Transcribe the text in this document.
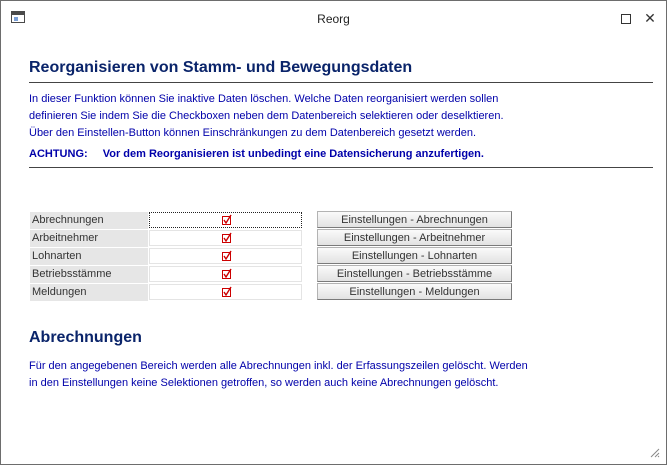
Reorg	✕
Reorganisieren von Stamm- und Bewegungsdaten
In dieser Funktion können Sie inaktive Daten löschen. Welche Daten reorganisiert werden sollen
definieren Sie indem Sie die Checkboxen neben dem Datenbereich selektieren oder deselktieren.
Über den Einstellen-Button können Einschränkungen zu dem Datenbereich gesetzt werden.
ACHTUNG: Vor dem Reorganisieren ist unbedingt eine Datensicherung anzufertigen.
Abrechnungen	Einstellungen - Abrechnungen
Arbeitnehmer	Einstellungen - Arbeitnehmer
Lohnarten	Einstellungen - Lohnarten
Betriebsstämme	Einstellungen - Betriebsstämme
Meldungen	Einstellungen - Meldungen
Abrechnungen
Für den angegebenen Bereich werden alle Abrechnungen inkl. der Erfassungszeilen gelöscht. Werden
in den Einstellungen keine Selektionen getroffen, so werden auch keine Abrechnungen gelöscht.
